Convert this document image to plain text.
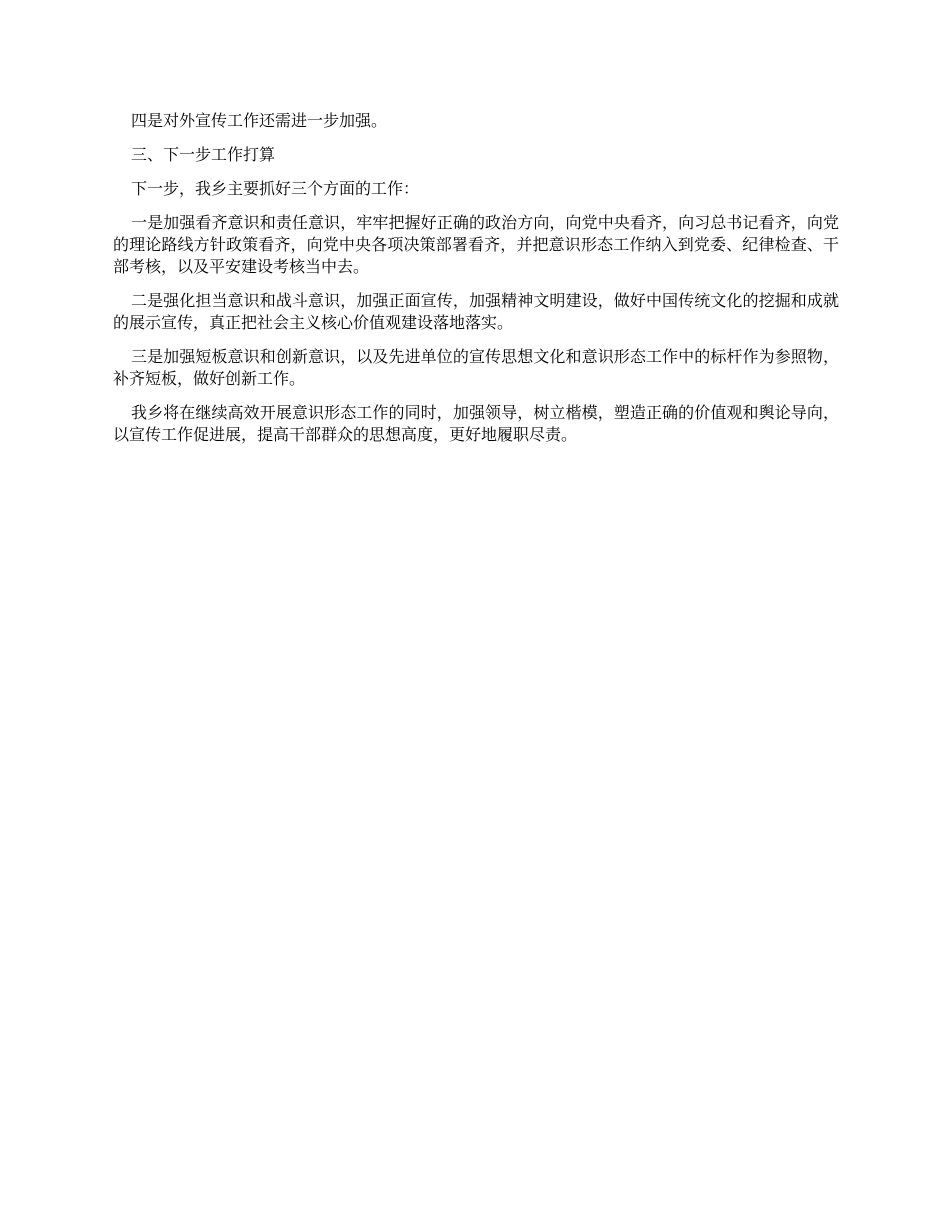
四是对外宣传工作还需进一步加强。

三、下一步工作打算

下一步，我乡主要抓好三个方面的工作：

一是加强看齐意识和责任意识，牢牢把握好正确的政治方向，向党中央看齐，向习总书记看齐，向党的理论路线方针政策看齐，向党中央各项决策部署看齐，并把意识形态工作纳入到党委、纪律检查、干部考核，以及平安建设考核当中去。

二是强化担当意识和战斗意识，加强正面宣传，加强精神文明建设，做好中国传统文化的挖掘和成就的展示宣传，真正把社会主义核心价值观建设落地落实。

三是加强短板意识和创新意识，以及先进单位的宣传思想文化和意识形态工作中的标杆作为参照物，补齐短板，做好创新工作。

我乡将在继续高效开展意识形态工作的同时，加强领导，树立楷模，塑造正确的价值观和舆论导向，以宣传工作促进展，提高干部群众的思想高度，更好地履职尽责。
